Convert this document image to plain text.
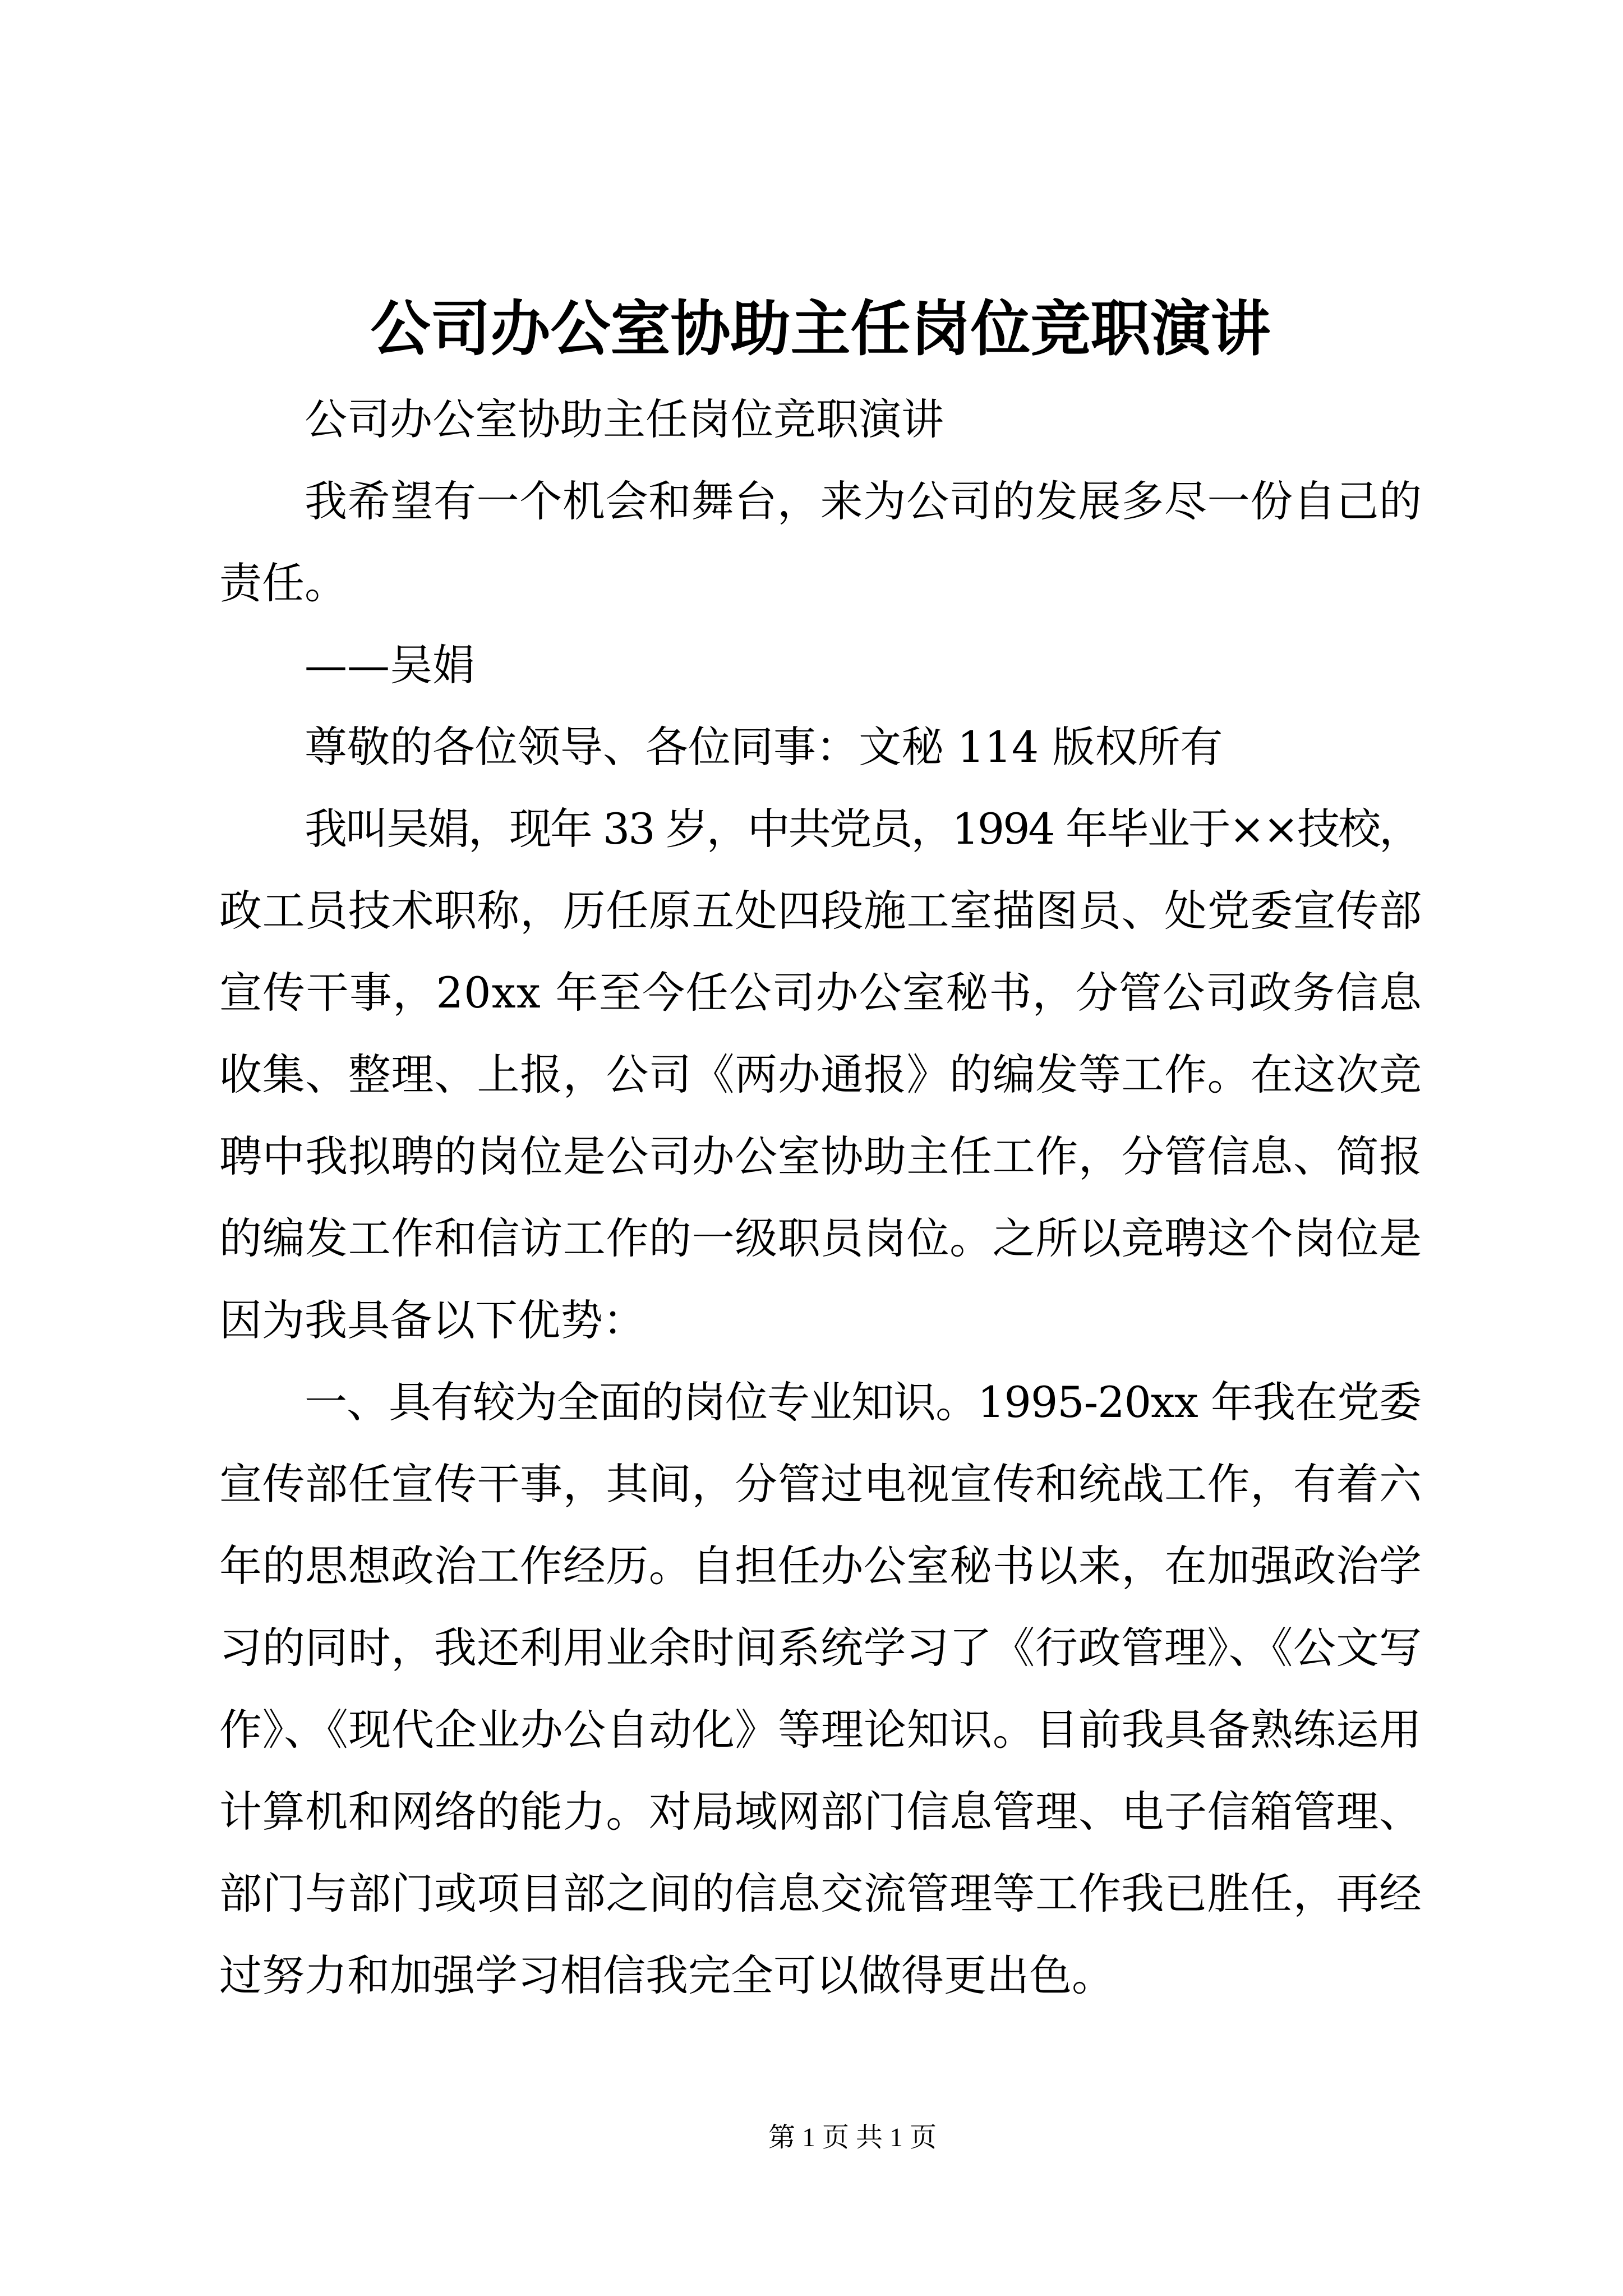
公司办公室协助主任岗位竞职演讲
公司办公室协助主任岗位竞职演讲
我希望有一个机会和舞台，来为公司的发展多尽一份自己的
责任。
——吴娟
尊敬的各位领导、各位同事：文秘 114 版权所有
我叫吴娟，现年 33 岁，中共党员，1994 年毕业于××技校，
政工员技术职称，历任原五处四段施工室描图员、处党委宣传部
宣传干事，20xx 年至今任公司办公室秘书，分管公司政务信息
收集、整理、上报，公司《两办通报》的编发等工作。在这次竞
聘中我拟聘的岗位是公司办公室协助主任工作，分管信息、简报
的编发工作和信访工作的一级职员岗位。之所以竞聘这个岗位是
因为我具备以下优势：
一、具有较为全面的岗位专业知识。1995-20xx 年我在党委
宣传部任宣传干事，其间，分管过电视宣传和统战工作，有着六
年的思想政治工作经历。自担任办公室秘书以来，在加强政治学
习的同时，我还利用业余时间系统学习了《行政管理》、《公文写
作》、《现代企业办公自动化》等理论知识。目前我具备熟练运用
计算机和网络的能力。对局域网部门信息管理、电子信箱管理、
部门与部门或项目部之间的信息交流管理等工作我已胜任，再经
过努力和加强学习相信我完全可以做得更出色。
第 1 页 共 1 页
